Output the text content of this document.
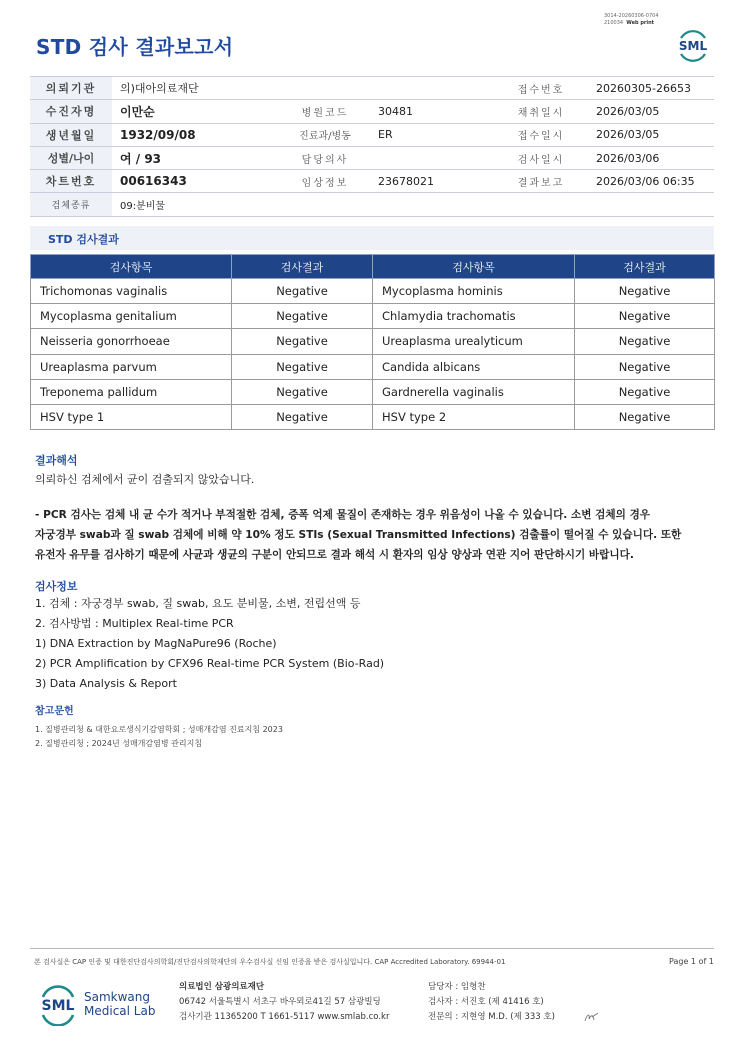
3014-20260306-0704
210034 Web print
STD 검사 결과보고서	SML
의뢰기관	의)대아의료재단			접수번호	20260305-26653
수진자명	이만순	병원코드	30481	채취일시	2026/03/05
생년월일	1932/09/08	진료과/병동	ER	접수일시	2026/03/05
성별/나이	여 / 93	담당의사		검사일시	2026/03/06
차트번호	00616343	임상정보	23678021	결과보고	2026/03/06 06:35
검체종류	09:분비물				
STD 검사결과
검사항목	검사결과	검사항목	검사결과
Trichomonas vaginalis	Negative	Mycoplasma hominis	Negative
Mycoplasma genitalium	Negative	Chlamydia trachomatis	Negative
Neisseria gonorrhoeae	Negative	Ureaplasma urealyticum	Negative
Ureaplasma parvum	Negative	Candida albicans	Negative
Treponema pallidum	Negative	Gardnerella vaginalis	Negative
HSV type 1	Negative	HSV type 2	Negative
결과해석
의뢰하신 검체에서 균이 검출되지 않았습니다.
- PCR 검사는 검체 내 균 수가 적거나 부적절한 검체, 증폭 억제 물질이 존재하는 경우 위음성이 나올 수 있습니다. 소변 검체의 경우
자궁경부 swab과 질 swab 검체에 비해 약 10% 정도 STIs (Sexual Transmitted Infections) 검출률이 떨어질 수 있습니다. 또한
유전자 유무를 검사하기 때문에 사균과 생균의 구분이 안되므로 결과 해석 시 환자의 임상 양상과 연관 지어 판단하시기 바랍니다.
검사정보
1. 검체 : 자궁경부 swab, 질 swab, 요도 분비물, 소변, 전립선액 등
2. 검사방법 : Multiplex Real-time PCR
1) DNA Extraction by MagNaPure96 (Roche)
2) PCR Amplification by CFX96 Real-time PCR System (Bio-Rad)
3) Data Analysis & Report
참고문헌
1. 질병관리청 & 대한요로생식기감염학회 ; 성매개감염 진료지침 2023
2. 질병관리청 ; 2024년 성매개감염병 관리지침
본 검사실은 CAP 인증 및 대한진단검사의학회/진단검사의학재단의 우수검사실 신임 인증을 받은 검사실입니다. CAP Accredited Laboratory. 69944-01	Page 1 of 1
SML
Samkwang
Medical Lab
의료법인 삼광의료재단
06742 서울특별시 서초구 바우뫼로41길 57 삼광빌딩
검사기관 11365200 T 1661-5117 www.smlab.co.kr
담당자 : 임형찬
검사자 : 서진호 (제 41416 호)
전문의 : 지현영 M.D. (제 333 호)
